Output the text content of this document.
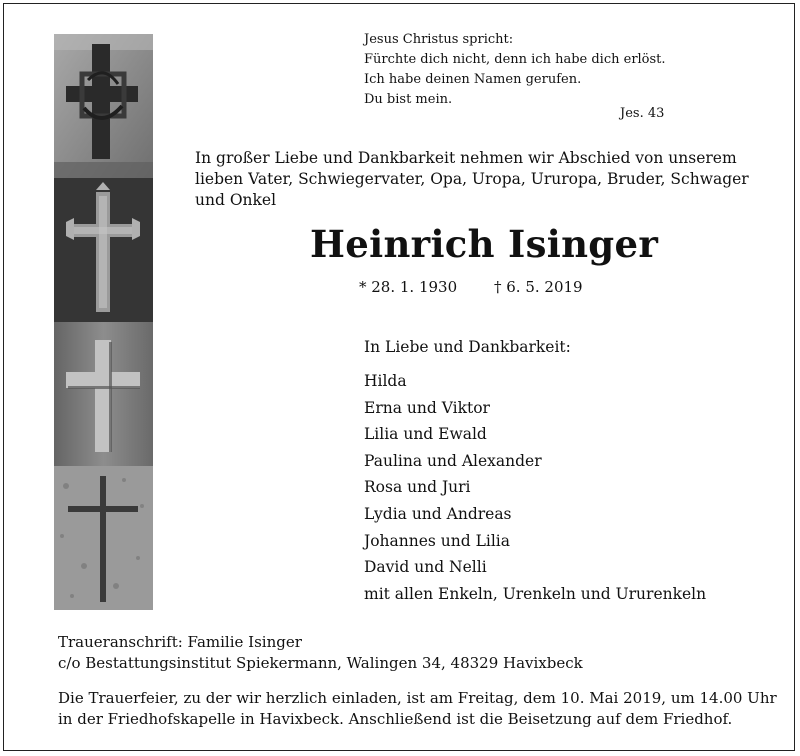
Jesus Christus spricht:
Fürchte dich nicht, denn ich habe dich erlöst.
Ich habe deinen Namen gerufen.
Du bist mein.
Jes. 43
In großer Liebe und Dankbarkeit nehmen wir Abschied von unserem lieben Vater, Schwiegervater, Opa, Uropa, Ururopa, Bruder, Schwager und Onkel
Heinrich Isinger
* 28. 1. 1930 † 6. 5. 2019
In Liebe und Dankbarkeit:
Hilda
Erna und Viktor
Lilia und Ewald
Paulina und Alexander
Rosa und Juri
Lydia und Andreas
Johannes und Lilia
David und Nelli
mit allen Enkeln, Urenkeln und Ururenkeln
Traueranschrift: Familie Isinger
c/o Bestattungsinstitut Spiekermann, Walingen 34, 48329 Havixbeck
Die Trauerfeier, zu der wir herzlich einladen, ist am Freitag, dem 10. Mai 2019, um 14.00 Uhr
in der Friedhofskapelle in Havixbeck. Anschließend ist die Beisetzung auf dem Friedhof.
